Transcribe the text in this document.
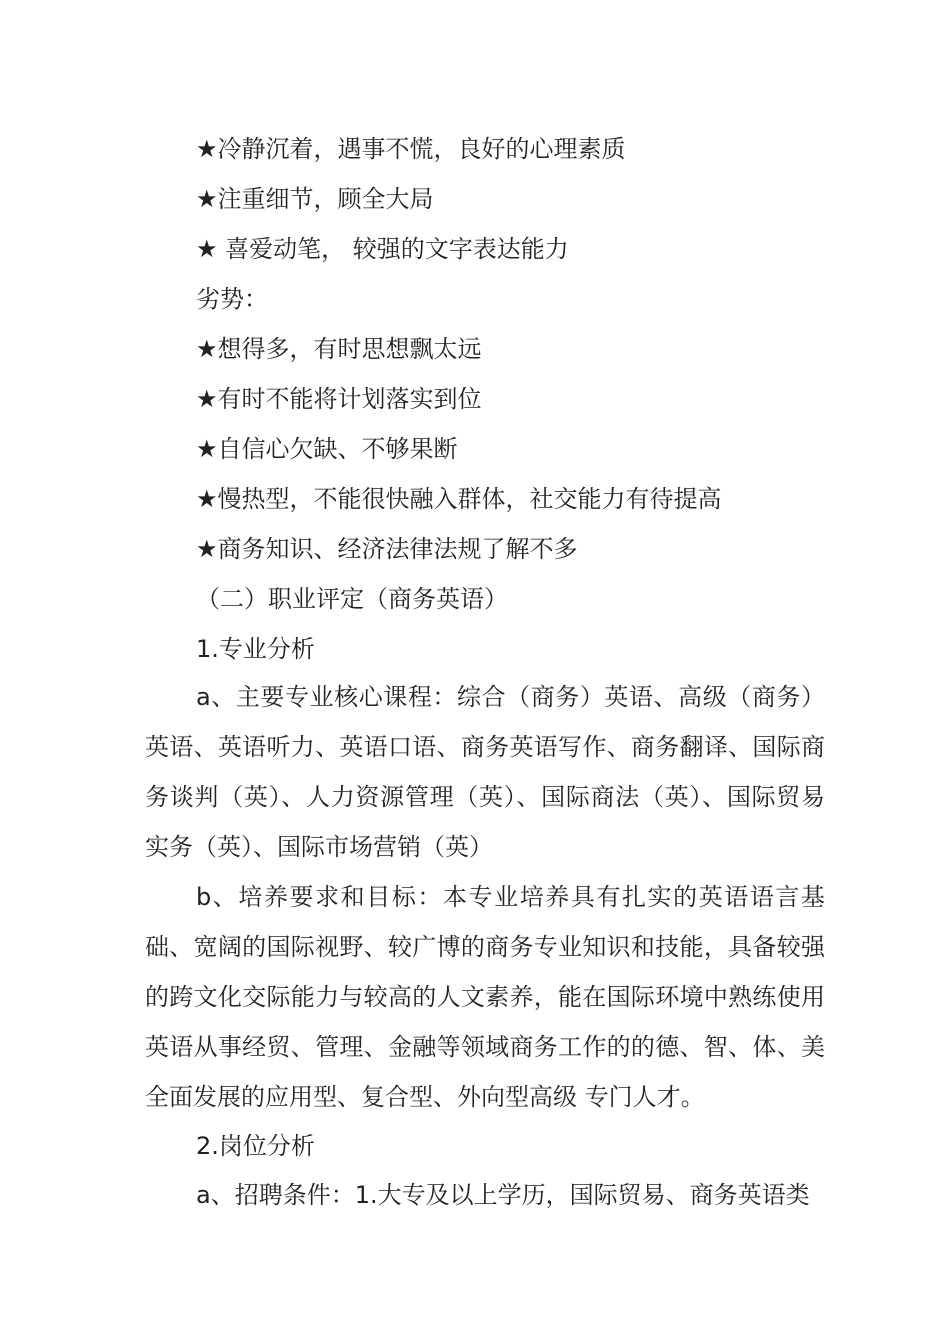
★冷静沉着，遇事不慌，良好的心理素质
★注重细节，顾全大局
★ 喜爱动笔， 较强的文字表达能力
劣势：
★想得多，有时思想飘太远
★有时不能将计划落实到位
★自信心欠缺、不够果断
★慢热型，不能很快融入群体，社交能力有待提高
★商务知识、经济法律法规了解不多
（二）职业评定（商务英语）
1.专业分析
a、主要专业核心课程：综合（商务）英语、高级（商务）英语、英语听力、英语口语、商务英语写作、商务翻译、国际商务谈判（英）、人力资源管理（英）、国际商法（英）、国际贸易实务（英）、国际市场营销（英）
b、培养要求和目标：本专业培养具有扎实的英语语言基础、宽阔的国际视野、较广博的商务专业知识和技能，具备较强的跨文化交际能力与较高的人文素养，能在国际环境中熟练使用英语从事经贸、管理、金融等领域商务工作的的德、智、体、美全面发展的应用型、复合型、外向型高级 专门人才。
2.岗位分析
a、招聘条件：1.大专及以上学历，国际贸易、商务英语类
